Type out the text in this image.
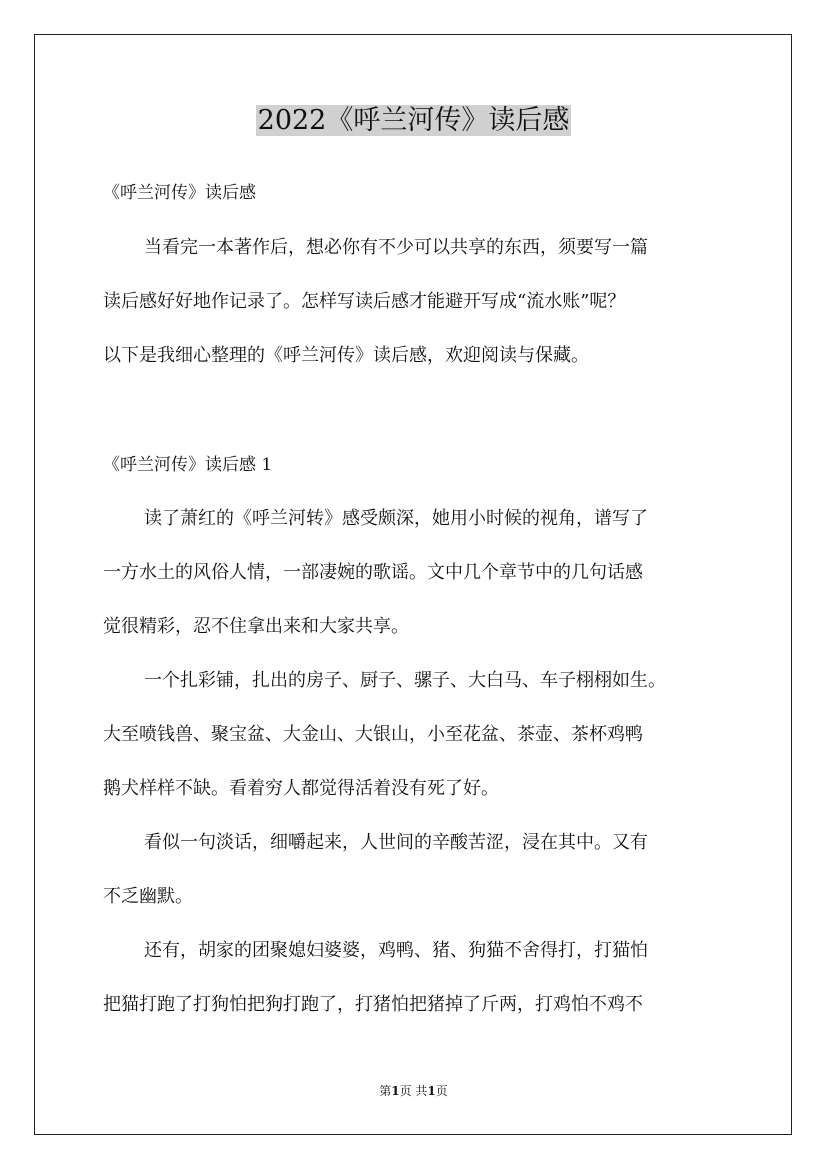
2022《呼兰河传》读后感
《呼兰河传》读后感
当看完一本著作后，想必你有不少可以共享的东西，须要写一篇
读后感好好地作记录了。怎样写读后感才能避开写成“流水账”呢？
以下是我细心整理的《呼兰河传》读后感，欢迎阅读与保藏。
《呼兰河传》读后感 1
读了萧红的《呼兰河转》感受颇深，她用小时候的视角，谱写了
一方水土的风俗人情，一部凄婉的歌谣。文中几个章节中的几句话感
觉很精彩，忍不住拿出来和大家共享。
一个扎彩铺，扎出的房子、厨子、骡子、大白马、车子栩栩如生。
大至喷钱兽、聚宝盆、大金山、大银山，小至花盆、茶壶、茶杯鸡鸭
鹅犬样样不缺。看着穷人都觉得活着没有死了好。
看似一句淡话，细嚼起来，人世间的辛酸苦涩，浸在其中。又有
不乏幽默。
还有，胡家的团聚媳妇婆婆，鸡鸭、猪、狗猫不舍得打，打猫怕
把猫打跑了打狗怕把狗打跑了，打猪怕把猪掉了斤两，打鸡怕不鸡不
第1页 共1页
